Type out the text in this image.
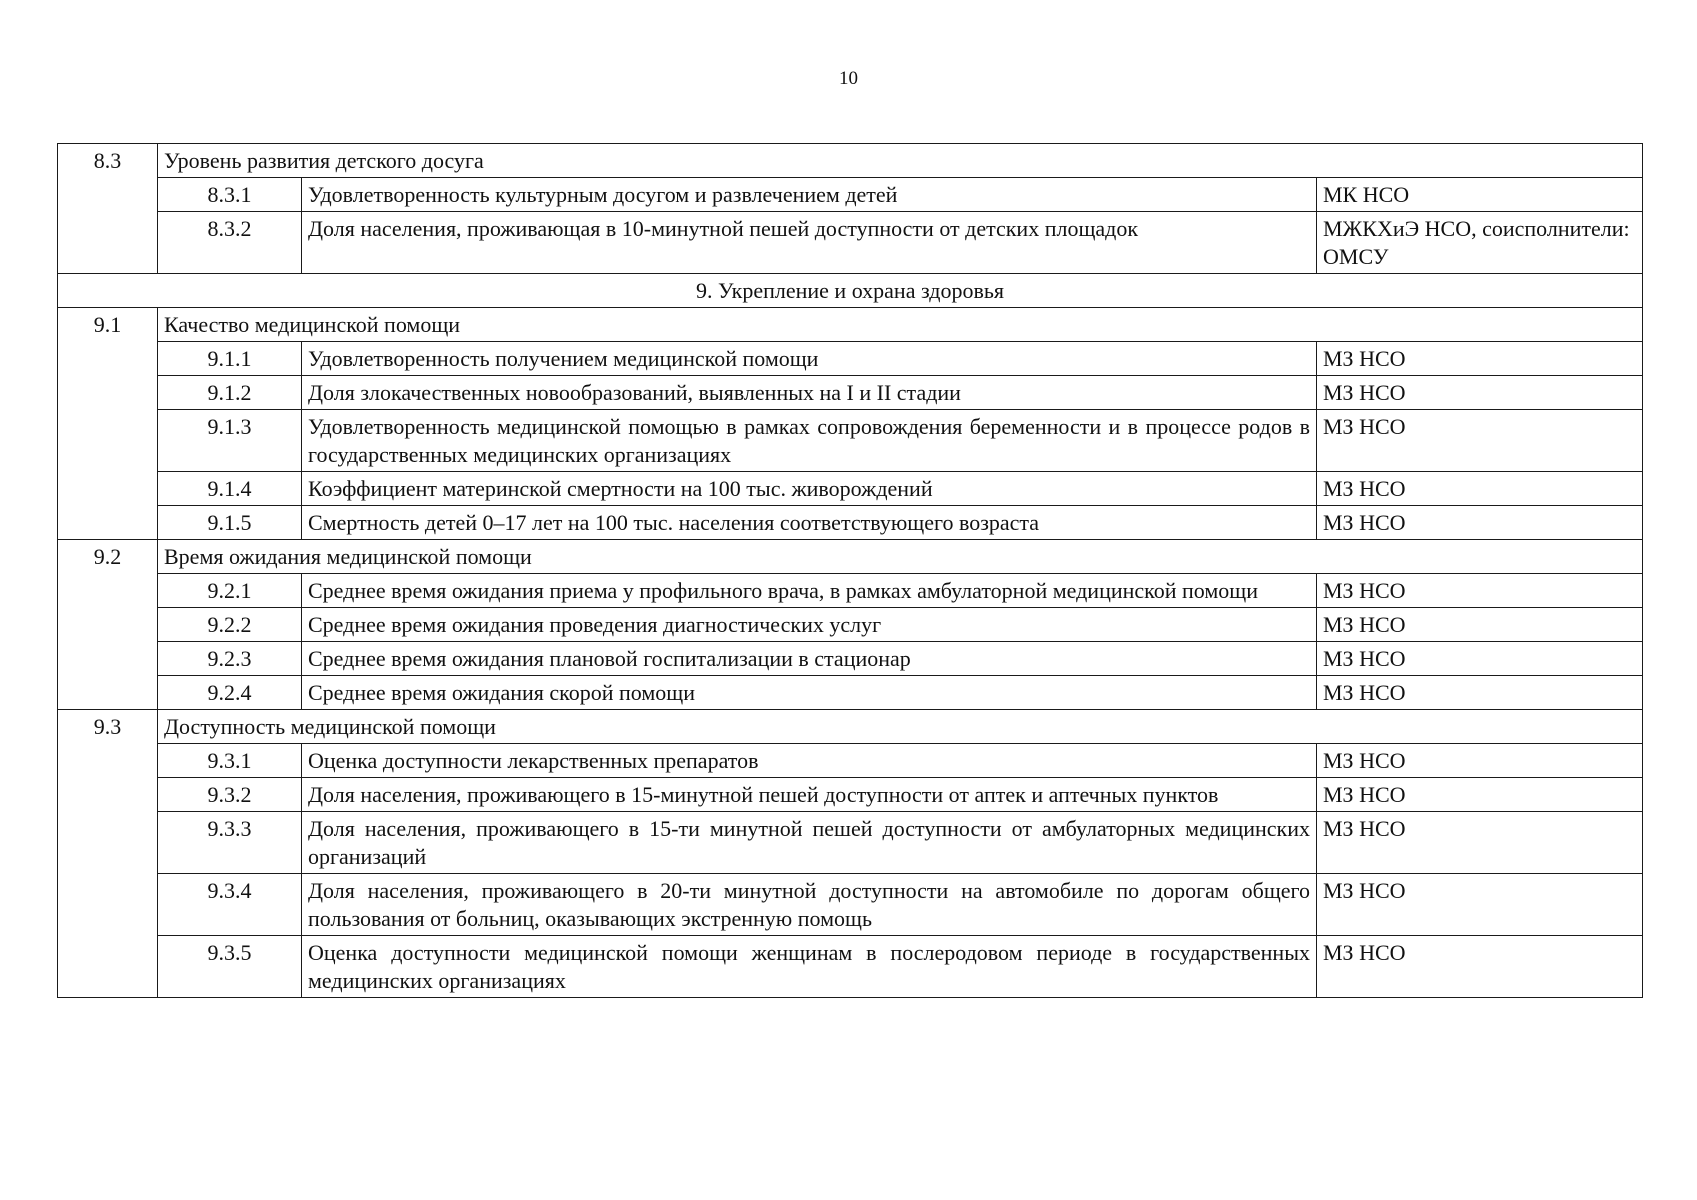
10
8.3	Уровень развития детского досуга		
	8.3.1	Удовлетворенность культурным досугом и развлечением детей	МК НСО
	8.3.2	Доля населения, проживающая в 10-минутной пешей доступности от детских площадок	МЖКХиЭ НСО, соисполнители: ОМСУ
9. Укрепление и охрана здоровья			
9.1	Качество медицинской помощи		
	9.1.1	Удовлетворенность получением медицинской помощи	МЗ НСО
	9.1.2	Доля злокачественных новообразований, выявленных на I и II стадии	МЗ НСО
	9.1.3	Удовлетворенность медицинской помощью в рамках сопровождения беременности и в процессе родов в государственных медицинских организациях	МЗ НСО
	9.1.4	Коэффициент материнской смертности на 100 тыс. живорождений	МЗ НСО
	9.1.5	Смертность детей 0–17 лет на 100 тыс. населения соответствующего возраста	МЗ НСО
9.2	Время ожидания медицинской помощи		
	9.2.1	Среднее время ожидания приема у профильного врача, в рамках амбулаторной медицинской помощи	МЗ НСО
	9.2.2	Среднее время ожидания проведения диагностических услуг	МЗ НСО
	9.2.3	Среднее время ожидания плановой госпитализации в стационар	МЗ НСО
	9.2.4	Среднее время ожидания скорой помощи	МЗ НСО
9.3	Доступность медицинской помощи		
	9.3.1	Оценка доступности лекарственных препаратов	МЗ НСО
	9.3.2	Доля населения, проживающего в 15-минутной пешей доступности от аптек и аптечных пунктов	МЗ НСО
	9.3.3	Доля населения, проживающего в 15-ти минутной пешей доступности от амбулаторных медицинских организаций	МЗ НСО
	9.3.4	Доля населения, проживающего в 20-ти минутной доступности на автомобиле по дорогам общего пользования от больниц, оказывающих экстренную помощь	МЗ НСО
	9.3.5	Оценка доступности медицинской помощи женщинам в послеродовом периоде в государственных медицинских организациях	МЗ НСО
